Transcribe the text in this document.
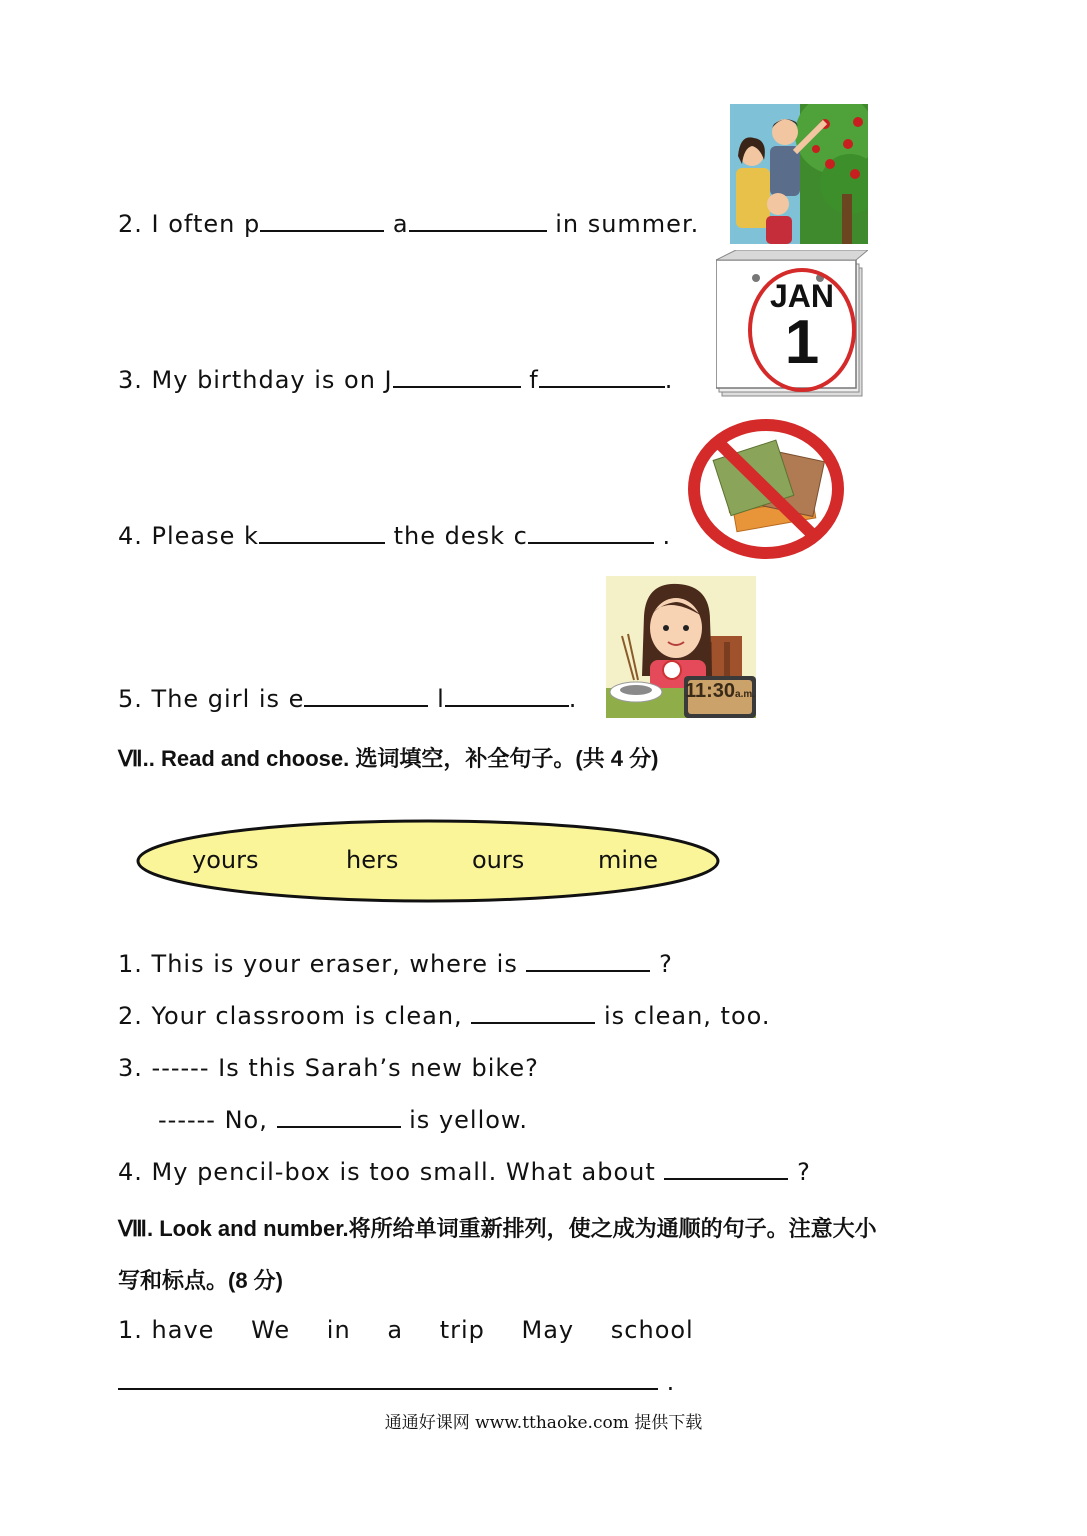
2. I often p	a	in summer.
3. My birthday is on J	f	.
4. Please k	the desk c	.
5. The girl is e	l	.
JAN
1
11:30a.m.
Ⅶ.. Read and choose. 选词填空，补全句子。(共 4 分)
yours	hers	ours	mine
1. This is your eraser, where is	?
2. Your classroom is clean,	is clean, too.
3. ------ Is this Sarah’s new bike?
------ No,	is yellow.
4. My pencil-box is too small. What about	?
Ⅷ. Look and number.将所给单词重新排列，使之成为通顺的句子。注意大小
写和标点。(8 分)
1. have We in a trip May school
.
通通好课网 www.tthaoke.com 提供下载
